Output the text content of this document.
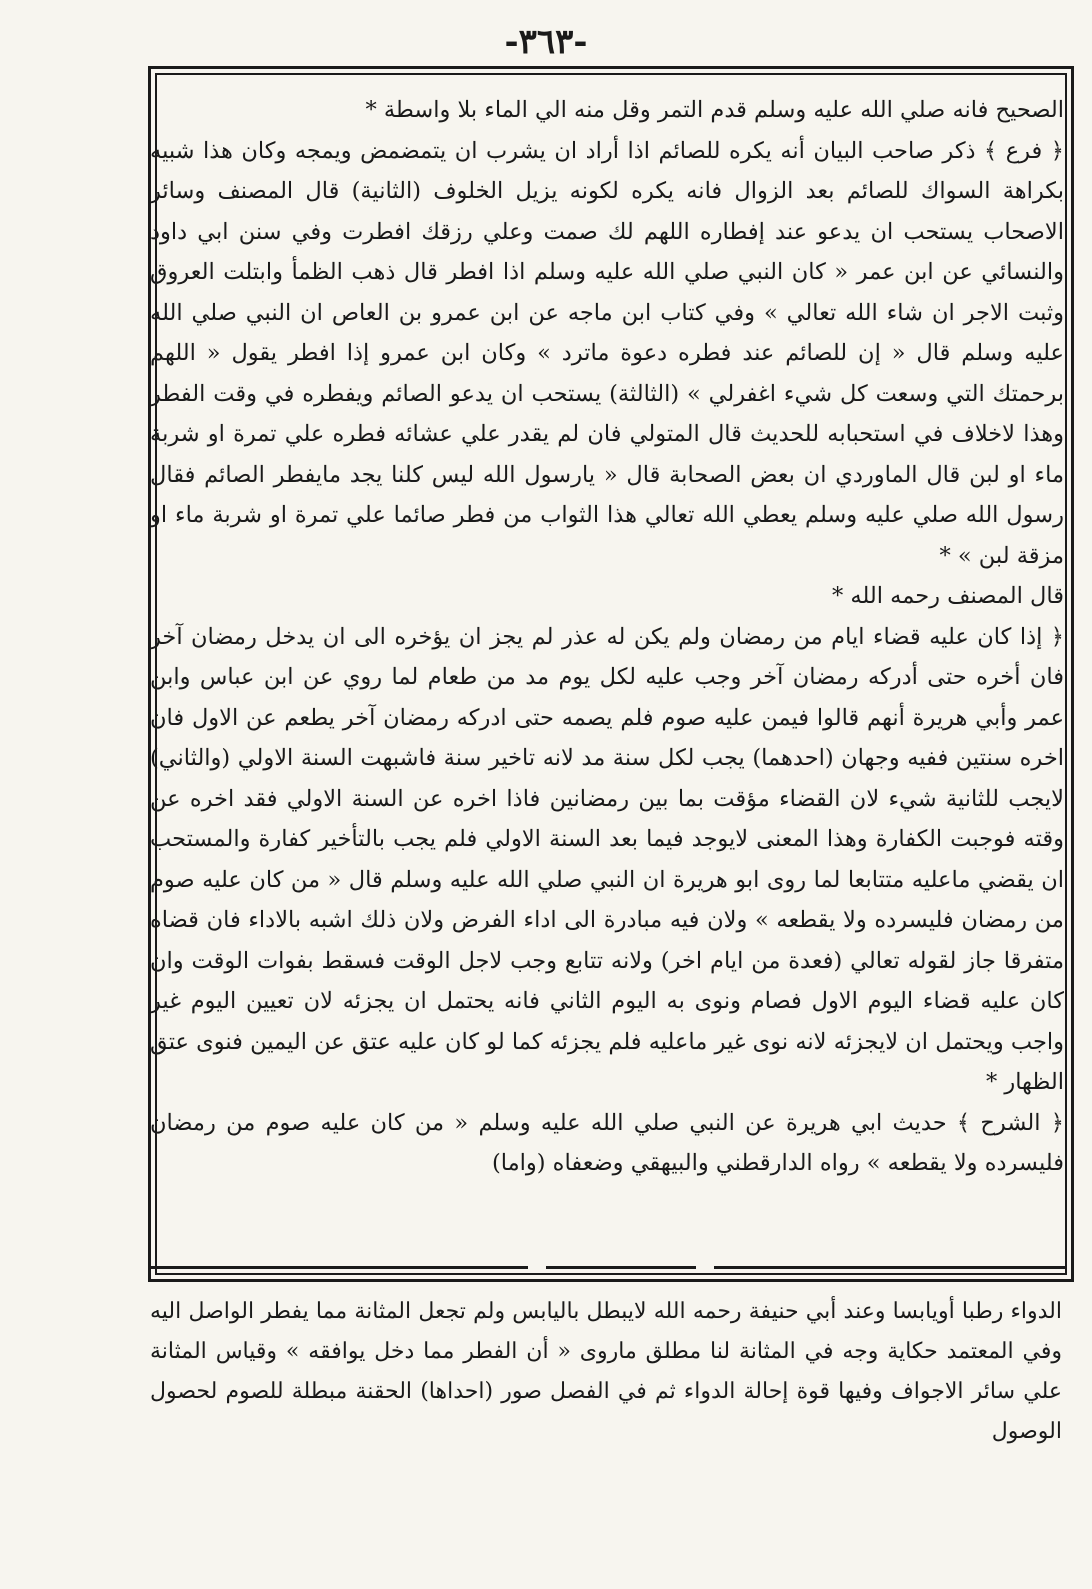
-٣٦٣-

الصحيح فانه صلي الله عليه وسلم قدم التمر وقل منه الي الماء بلا واسطة *

﴿ فرع ﴾ ذكر صاحب البيان أنه يكره للصائم اذا أراد ان يشرب ان يتمضمض ويمجه وكان هذا شبيه بكراهة السواك للصائم بعد الزوال فانه يكره لكونه يزيل الخلوف (الثانية) قال المصنف وسائر الاصحاب يستحب ان يدعو عند إفطاره اللهم لك صمت وعلي رزقك افطرت وفي سنن ابي داود والنسائي عن ابن عمر « كان النبي صلي الله عليه وسلم اذا افطر قال ذهب الظمأ وابتلت العروق وثبت الاجر ان شاء الله تعالي » وفي كتاب ابن ماجه عن ابن عمرو بن العاص ان النبي صلي الله عليه وسلم قال « إن للصائم عند فطره دعوة ماترد » وكان ابن عمرو إذا افطر يقول « اللهم برحمتك التي وسعت كل شيء اغفرلي » (الثالثة) يستحب ان يدعو الصائم ويفطره في وقت الفطر وهذا لاخلاف في استحبابه للحديث قال المتولي فان لم يقدر علي عشائه فطره علي تمرة او شربة ماء او لبن قال الماوردي ان بعض الصحابة قال « يارسول الله ليس كلنا يجد مايفطر الصائم فقال رسول الله صلي عليه وسلم يعطي الله تعالي هذا الثواب من فطر صائما علي تمرة او شربة ماء او مزقة لبن » *

قال المصنف رحمه الله *

﴿ إذا كان عليه قضاء ايام من رمضان ولم يكن له عذر لم يجز ان يؤخره الى ان يدخل رمضان آخر فان أخره حتى أدركه رمضان آخر وجب عليه لكل يوم مد من طعام لما روي عن ابن عباس وابن عمر وأبي هريرة أنهم قالوا فيمن عليه صوم فلم يصمه حتى ادركه رمضان آخر يطعم عن الاول فان اخره سنتين ففيه وجهان (احدهما) يجب لكل سنة مد لانه تاخير سنة فاشبهت السنة الاولي (والثاني) لايجب للثانية شيء لان القضاء مؤقت بما بين رمضانين فاذا اخره عن السنة الاولي فقد اخره عن وقته فوجبت الكفارة وهذا المعنى لايوجد فيما بعد السنة الاولي فلم يجب بالتأخير كفارة والمستحب ان يقضي ماعليه متتابعا لما روى ابو هريرة ان النبي صلي الله عليه وسلم قال « من كان عليه صوم من رمضان فليسرده ولا يقطعه » ولان فيه مبادرة الى اداء الفرض ولان ذلك اشبه بالاداء فان قضاه متفرقا جاز لقوله تعالي (فعدة من ايام اخر) ولانه تتابع وجب لاجل الوقت فسقط بفوات الوقت وان كان عليه قضاء اليوم الاول فصام ونوى به اليوم الثاني فانه يحتمل ان يجزئه لان تعيين اليوم غير واجب ويحتمل ان لايجزئه لانه نوى غير ماعليه فلم يجزئه كما لو كان عليه عتق عن اليمين فنوى عتق الظهار *

﴿ الشرح ﴾ حديث ابي هريرة عن النبي صلي الله عليه وسلم « من كان عليه صوم من رمضان فليسرده ولا يقطعه » رواه الدارقطني والبيهقي وضعفاه (واما)

الدواء رطبا أويابسا وعند أبي حنيفة رحمه الله لايبطل باليابس ولم تجعل المثانة مما يفطر الواصل اليه وفي المعتمد حكاية وجه في المثانة لنا مطلق ماروى « أن الفطر مما دخل يوافقه » وقياس المثانة علي سائر الاجواف وفيها قوة إحالة الدواء ثم في الفصل صور (احداها) الحقنة مبطلة للصوم لحصول الوصول
